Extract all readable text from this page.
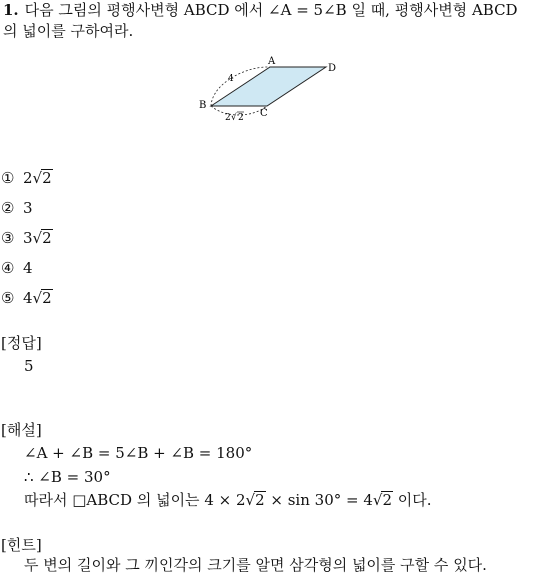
1. 다음 그림의 평행사변형 ABCD 에서 ∠A = 5∠B 일 때, 평행사변형 ABCD
의 넓이를 구하여라.
A
D
B
C
4
2 √ 2
① 2√2
② 3
③ 3√2
④ 4
⑤ 4√2
[정답]
5
[해설]
∠A + ∠B = 5∠B + ∠B = 180°
∴ ∠B = 30°
따라서 □ABCD 의 넓이는 4 × 2√2 × sin 30° = 4√2 이다.
[힌트]
두 변의 길이와 그 끼인각의 크기를 알면 삼각형의 넓이를 구할 수 있다.
